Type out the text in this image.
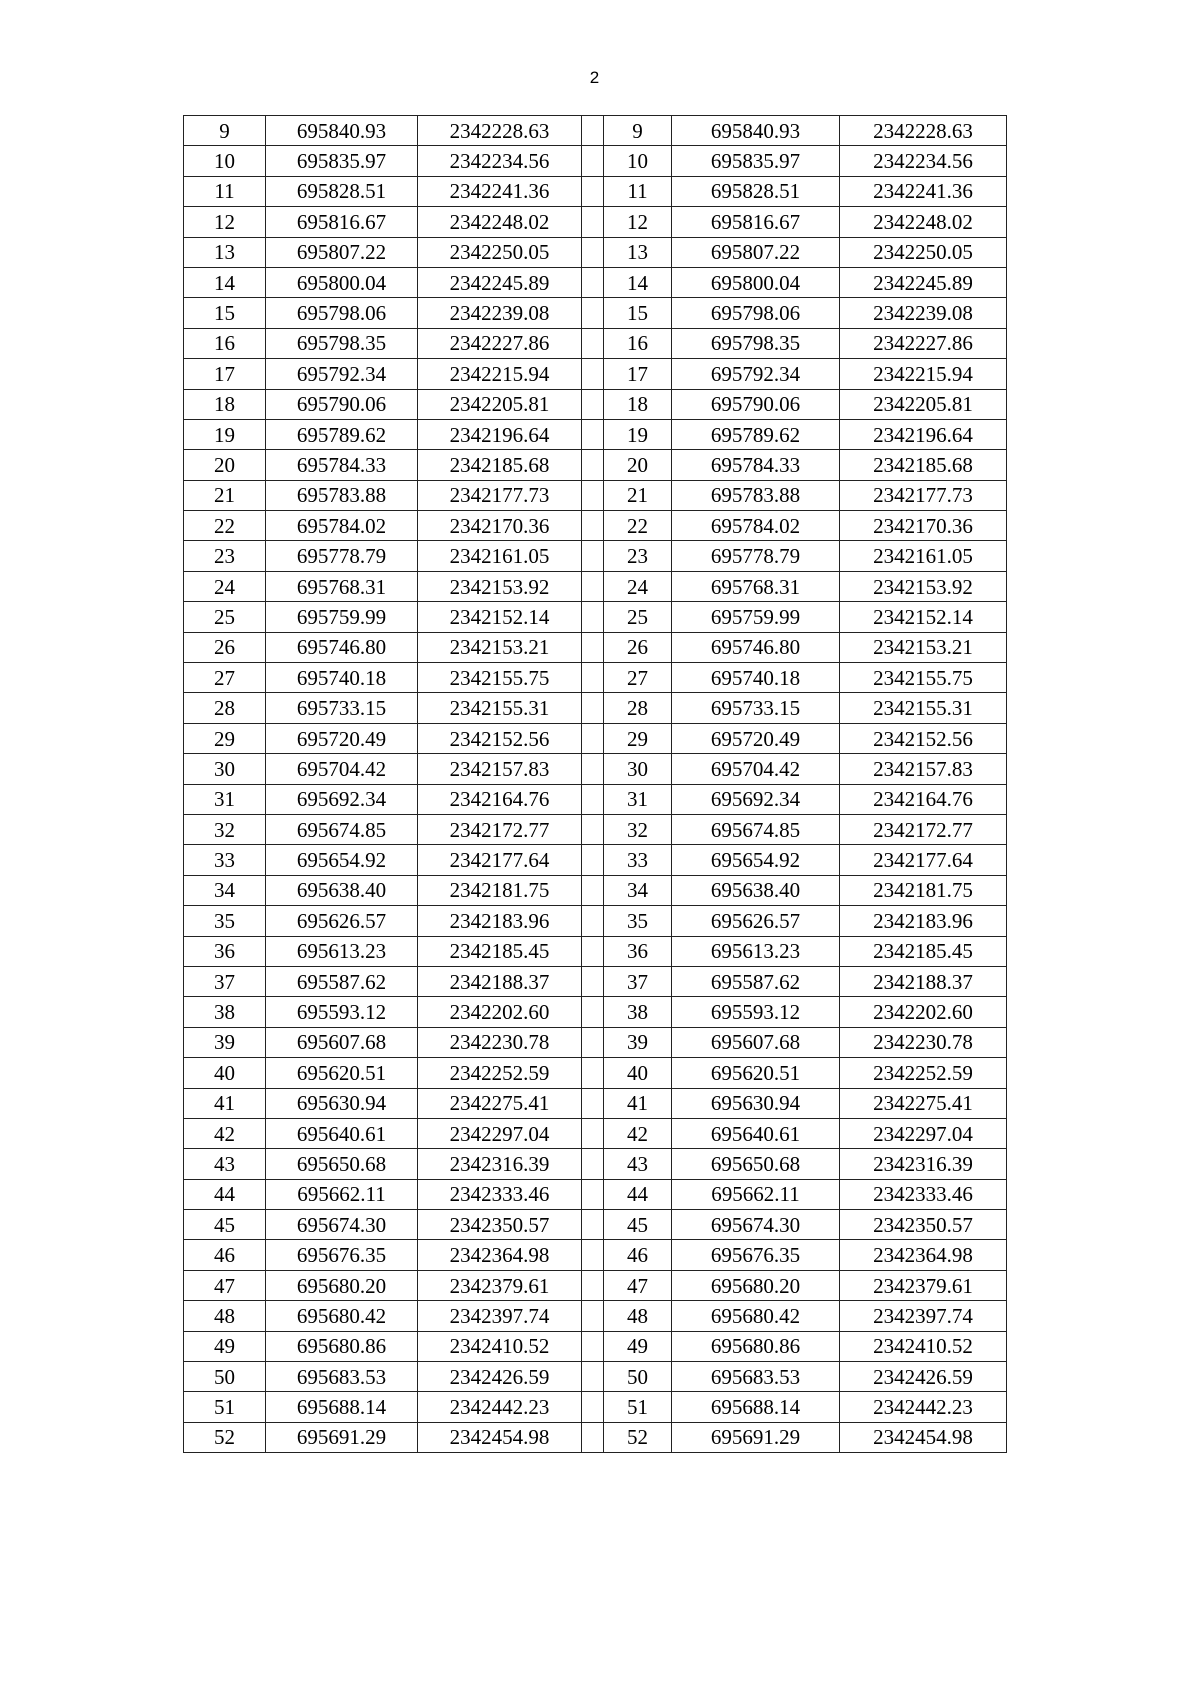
2
9	695840.93	2342228.63		9	695840.93	2342228.63
10	695835.97	2342234.56		10	695835.97	2342234.56
11	695828.51	2342241.36		11	695828.51	2342241.36
12	695816.67	2342248.02		12	695816.67	2342248.02
13	695807.22	2342250.05		13	695807.22	2342250.05
14	695800.04	2342245.89		14	695800.04	2342245.89
15	695798.06	2342239.08		15	695798.06	2342239.08
16	695798.35	2342227.86		16	695798.35	2342227.86
17	695792.34	2342215.94		17	695792.34	2342215.94
18	695790.06	2342205.81		18	695790.06	2342205.81
19	695789.62	2342196.64		19	695789.62	2342196.64
20	695784.33	2342185.68		20	695784.33	2342185.68
21	695783.88	2342177.73		21	695783.88	2342177.73
22	695784.02	2342170.36		22	695784.02	2342170.36
23	695778.79	2342161.05		23	695778.79	2342161.05
24	695768.31	2342153.92		24	695768.31	2342153.92
25	695759.99	2342152.14		25	695759.99	2342152.14
26	695746.80	2342153.21		26	695746.80	2342153.21
27	695740.18	2342155.75		27	695740.18	2342155.75
28	695733.15	2342155.31		28	695733.15	2342155.31
29	695720.49	2342152.56		29	695720.49	2342152.56
30	695704.42	2342157.83		30	695704.42	2342157.83
31	695692.34	2342164.76		31	695692.34	2342164.76
32	695674.85	2342172.77		32	695674.85	2342172.77
33	695654.92	2342177.64		33	695654.92	2342177.64
34	695638.40	2342181.75		34	695638.40	2342181.75
35	695626.57	2342183.96		35	695626.57	2342183.96
36	695613.23	2342185.45		36	695613.23	2342185.45
37	695587.62	2342188.37		37	695587.62	2342188.37
38	695593.12	2342202.60		38	695593.12	2342202.60
39	695607.68	2342230.78		39	695607.68	2342230.78
40	695620.51	2342252.59		40	695620.51	2342252.59
41	695630.94	2342275.41		41	695630.94	2342275.41
42	695640.61	2342297.04		42	695640.61	2342297.04
43	695650.68	2342316.39		43	695650.68	2342316.39
44	695662.11	2342333.46		44	695662.11	2342333.46
45	695674.30	2342350.57		45	695674.30	2342350.57
46	695676.35	2342364.98		46	695676.35	2342364.98
47	695680.20	2342379.61		47	695680.20	2342379.61
48	695680.42	2342397.74		48	695680.42	2342397.74
49	695680.86	2342410.52		49	695680.86	2342410.52
50	695683.53	2342426.59		50	695683.53	2342426.59
51	695688.14	2342442.23		51	695688.14	2342442.23
52	695691.29	2342454.98		52	695691.29	2342454.98
